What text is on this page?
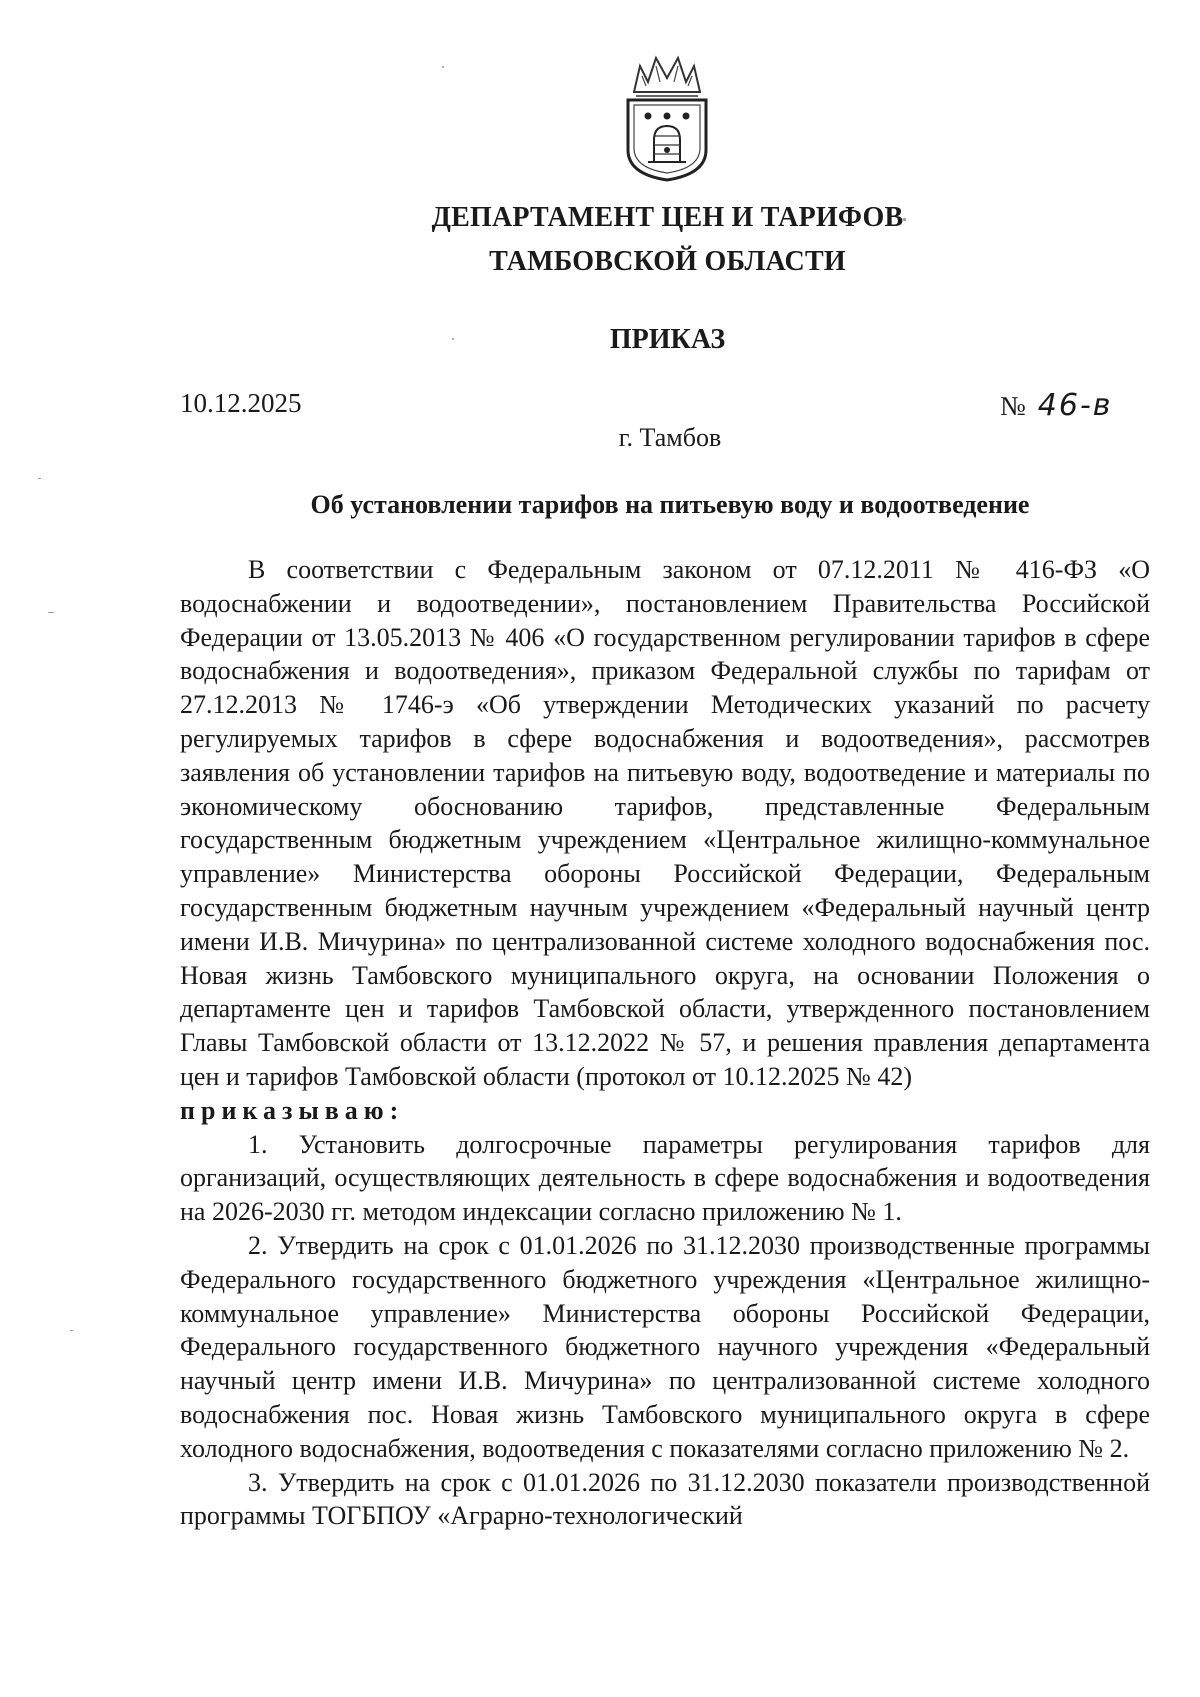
ДЕПАРТАМЕНТ ЦЕН И ТАРИФОВ
ТАМБОВСКОЙ ОБЛАСТИ
ПРИКАЗ
10.12.2025	№ 46-в
г. Тамбов
Об установлении тарифов на питьевую воду и водоотведение

В соответствии с Федеральным законом от 07.12.2011 № 416-ФЗ «О водоснабжении и водоотведении», постановлением Правительства Российской Федерации от 13.05.2013 № 406 «О государственном регулировании тарифов в сфере водоснабжения и водоотведения», приказом Федеральной службы по тарифам от 27.12.2013 № 1746-э «Об утверждении Методических указаний по расчету регулируемых тарифов в сфере водоснабжения и водоотведения», рассмотрев заявления об установлении тарифов на питьевую воду, водоотведение и материалы по экономическому обоснованию тарифов, представленные Федеральным государственным бюджетным учреждением «Центральное жилищно-коммунальное управление» Министерства обороны Российской Федерации, Федеральным государственным бюджетным научным учреждением «Федеральный научный центр имени И.В. Мичурина» по централизованной системе холодного водоснабжения пос. Новая жизнь Тамбовского муниципального округа, на основании Положения о департаменте цен и тарифов Тамбовской области, утвержденного постановлением Главы Тамбовской области от 13.12.2022 № 57, и решения правления департамента цен и тарифов Тамбовской области (протокол от 10.12.2025 № 42)

приказываю:

1. Установить долгосрочные параметры регулирования тарифов для организаций, осуществляющих деятельность в сфере водоснабжения и водоотведения на 2026-2030 гг. методом индексации согласно приложению № 1.

2. Утвердить на срок с 01.01.2026 по 31.12.2030 производственные программы Федерального государственного бюджетного учреждения «Центральное жилищно-коммунальное управление» Министерства обороны Российской Федерации, Федерального государственного бюджетного научного учреждения «Федеральный научный центр имени И.В. Мичурина» по централизованной системе холодного водоснабжения пос. Новая жизнь Тамбовского муниципального округа в сфере холодного водоснабжения, водоотведения с показателями согласно приложению № 2.

3. Утвердить на срок с 01.01.2026 по 31.12.2030 показатели производственной программы ТОГБПОУ «Аграрно-технологический
